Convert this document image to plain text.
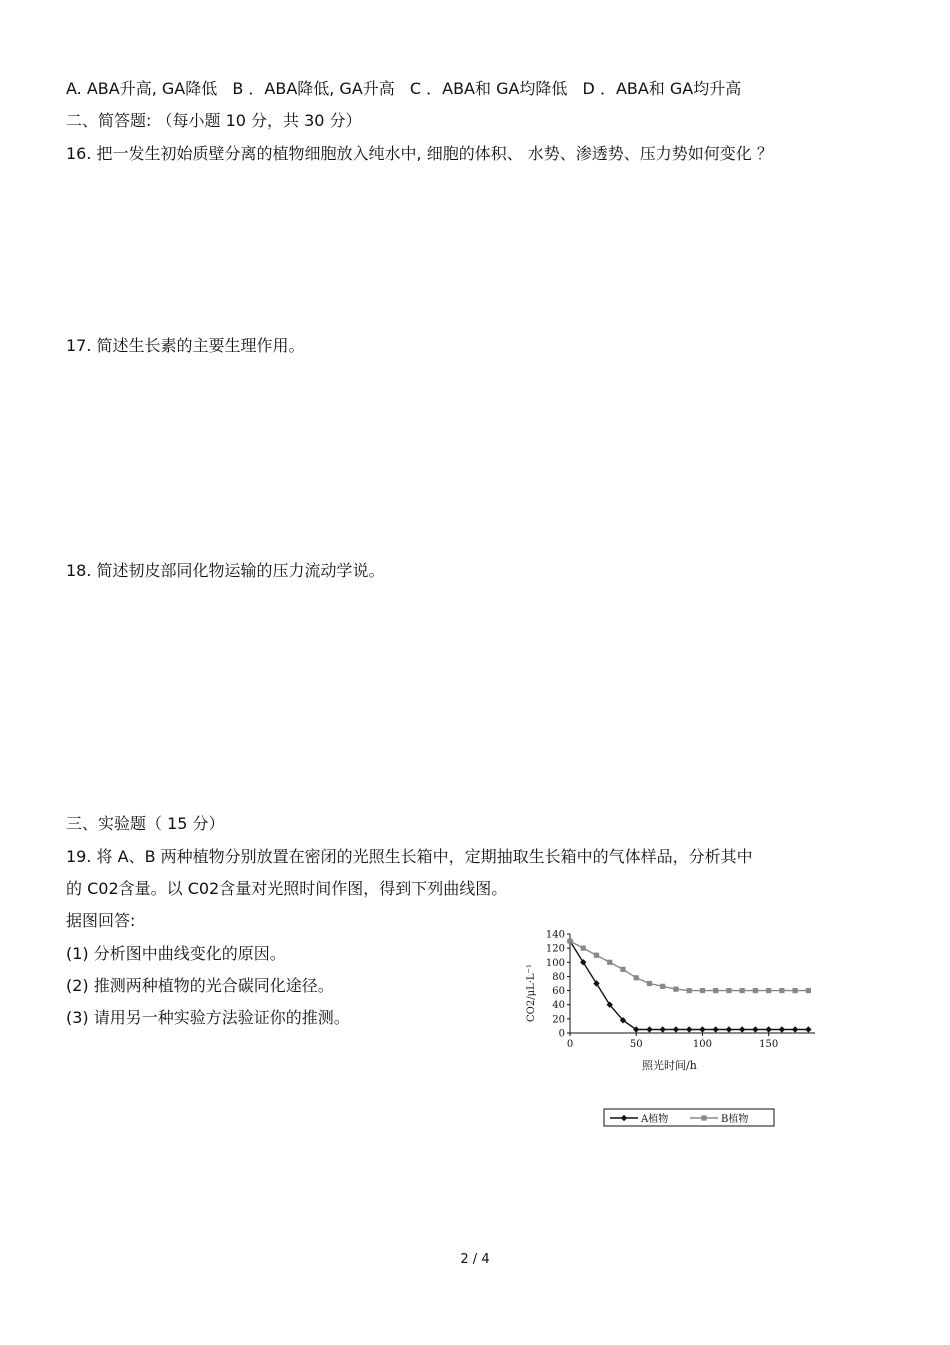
A. ABA升高, GA降低 B ．ABA降低, GA升高 C ．ABA和 GA均降低 D ．ABA和 GA均升高
二、简答题: （每小题 10 分，共 30 分）
16. 把一发生初始质壁分离的植物细胞放入纯水中, 细胞的体积、 水势、渗透势、压力势如何变化 ？
17. 简述生长素的主要生理作用。
18. 简述韧皮部同化物运输的压力流动学说。
三、实验题（ 15 分）
19. 将 A、B 两种植物分别放置在密闭的光照生长箱中，定期抽取生长箱中的气体样品，分析其中
的 C02含量。以 C02含量对光照时间作图，得到下列曲线图。
据图回答:
(1) 分析图中曲线变化的原因。
(2) 推测两种植物的光合碳同化途径。
(3) 请用另一种实验方法验证你的推测。
0
20
40
60
80
100
120
140
0	50	100	150
照光时间/h
CO2/μL·L⁻¹
A植物	B植物
2 / 4
